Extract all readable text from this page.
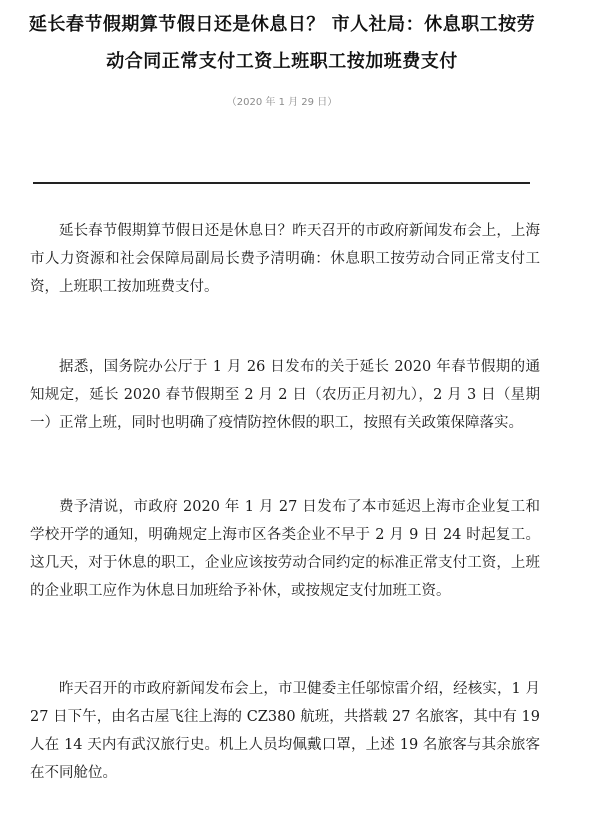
延长春节假期算节假日还是休息日？ 市人社局：休息职工按劳
动合同正常支付工资上班职工按加班费支付
（2020 年 1 月 29 日）
延长春节假期算节假日还是休息日？昨天召开的市政府新闻发布会上，上海市人力资源和社会保障局副局长费予清明确：休息职工按劳动合同正常支付工资，上班职工按加班费支付。
据悉，国务院办公厅于 1 月 26 日发布的关于延长 2020 年春节假期的通知规定，延长 2020 春节假期至 2 月 2 日（农历正月初九），2 月 3 日（星期一）正常上班，同时也明确了疫情防控休假的职工，按照有关政策保障落实。
费予清说，市政府 2020 年 1 月 27 日发布了本市延迟上海市企业复工和学校开学的通知，明确规定上海市区各类企业不早于 2 月 9 日 24 时起复工。这几天，对于休息的职工，企业应该按劳动合同约定的标准正常支付工资，上班的企业职工应作为休息日加班给予补休，或按规定支付加班工资。
昨天召开的市政府新闻发布会上，市卫健委主任邬惊雷介绍，经核实，1 月 27 日下午，由名古屋飞往上海的 CZ380 航班，共搭载 27 名旅客，其中有 19 人在 14 天内有武汉旅行史。机上人员均佩戴口罩，上述 19 名旅客与其余旅客在不同舱位。
